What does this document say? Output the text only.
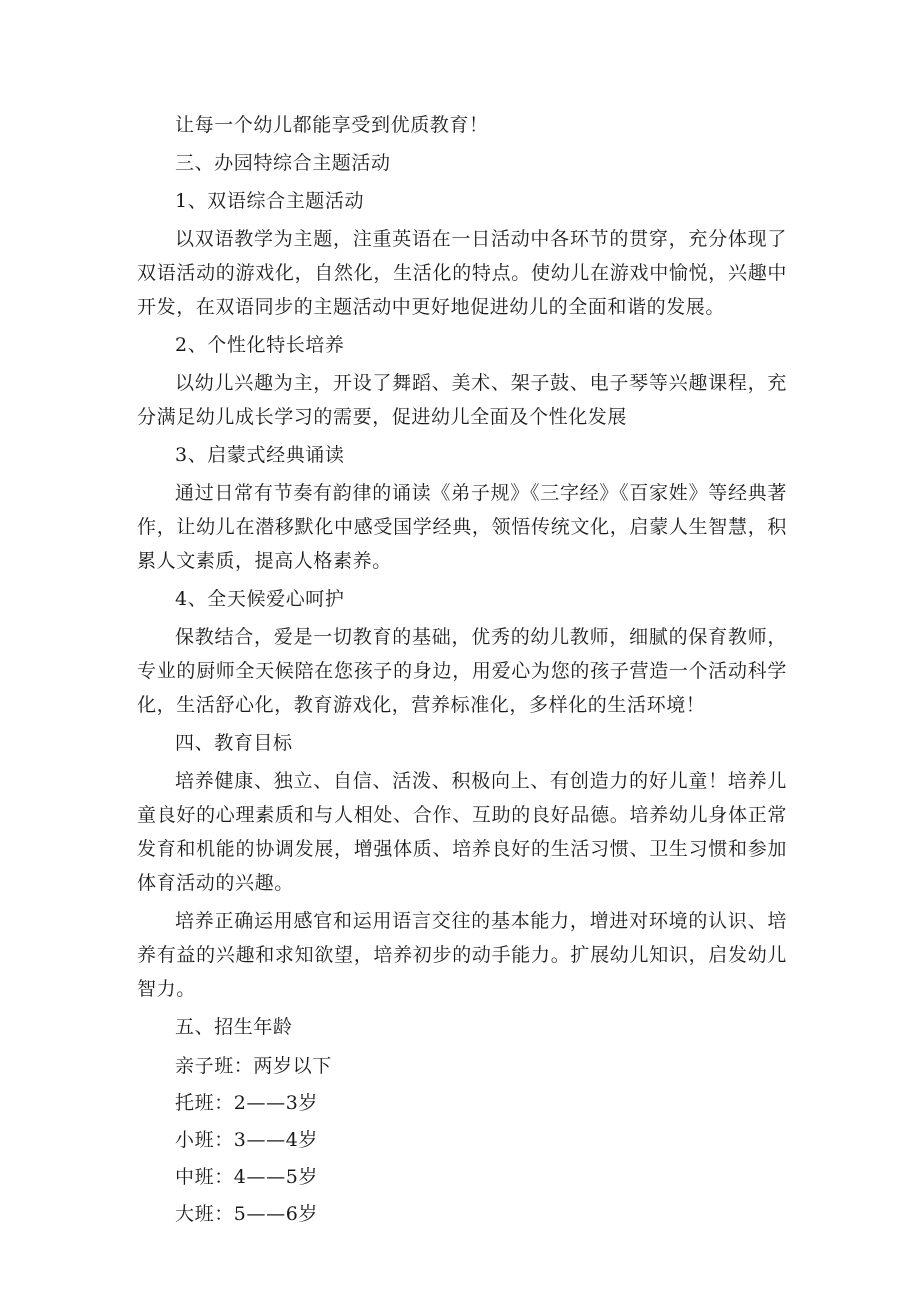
让每一个幼儿都能享受到优质教育！
三、办园特综合主题活动
1、双语综合主题活动
以双语教学为主题，注重英语在一日活动中各环节的贯穿，充分体现了双语活动的游戏化，自然化，生活化的特点。使幼儿在游戏中愉悦，兴趣中开发，在双语同步的主题活动中更好地促进幼儿的全面和谐的发展。
2、个性化特长培养
以幼儿兴趣为主，开设了舞蹈、美术、架子鼓、电子琴等兴趣课程，充分满足幼儿成长学习的需要，促进幼儿全面及个性化发展
3、启蒙式经典诵读
通过日常有节奏有韵律的诵读《弟子规》《三字经》《百家姓》等经典著作，让幼儿在潜移默化中感受国学经典，领悟传统文化，启蒙人生智慧，积累人文素质，提高人格素养。
4、全天候爱心呵护
保教结合，爱是一切教育的基础，优秀的幼儿教师，细腻的保育教师，专业的厨师全天候陪在您孩子的身边，用爱心为您的孩子营造一个活动科学化，生活舒心化，教育游戏化，营养标准化，多样化的生活环境！
四、教育目标
培养健康、独立、自信、活泼、积极向上、有创造力的好儿童！培养儿童良好的心理素质和与人相处、合作、互助的良好品德。培养幼儿身体正常发育和机能的协调发展，增强体质、培养良好的生活习惯、卫生习惯和参加体育活动的兴趣。
培养正确运用感官和运用语言交往的基本能力，增进对环境的认识、培养有益的兴趣和求知欲望，培养初步的动手能力。扩展幼儿知识，启发幼儿智力。
五、招生年龄
亲子班：两岁以下
托班：2——3岁
小班：3——4岁
中班：4——5岁
大班：5——6岁
